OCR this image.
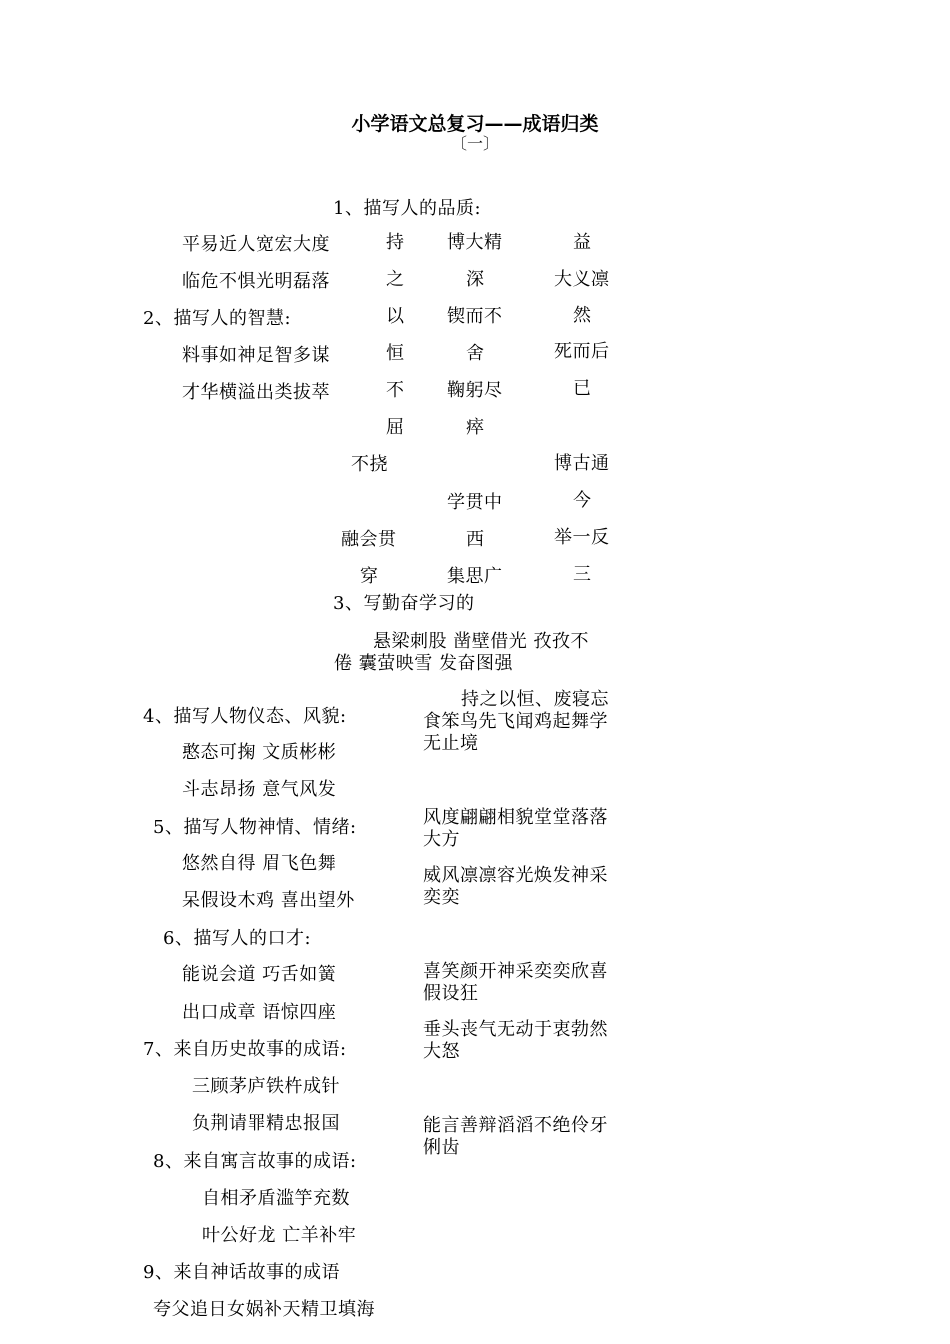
小学语文总复习——成语归类
〔一〕
1、描写人的品质:
平易近人宽宏大度
临危不惧光明磊落
2、描写人的智慧:
料事如神足智多谋
才华横溢出类拔萃
持
之
以
恒
不
屈
不挠
融会贯
穿
博大精
深
锲而不
舍
鞠躬尽
瘁
学贯中
西
集思广
益
大义凛
然
死而后
已
博古通
今
举一反
三
3、写勤奋学习的
悬梁刺股 凿壁借光 孜孜不
倦 囊萤映雪 发奋图强
4、描写人物仪态、风貌:
憨态可掬 文质彬彬
斗志昂扬 意气风发
5、描写人物神情、情绪:
悠然自得 眉飞色舞
呆假设木鸡 喜出望外
6、描写人的口才:
能说会道 巧舌如簧
出口成章 语惊四座
7、来自历史故事的成语:
三顾茅庐铁杵成针
负荆请罪精忠报国
8、来自寓言故事的成语:
自相矛盾滥竽充数
叶公好龙 亡羊补牢
9、来自神话故事的成语
夸父追日女娲补天精卫填海
持之以恒、废寝忘食笨鸟先飞闻鸡起舞学无止境
风度翩翩相貌堂堂落落大方
威风凛凛容光焕发神采奕奕
喜笑颜开神采奕奕欣喜假设狂
垂头丧气无动于衷勃然大怒
能言善辩滔滔不绝伶牙俐齿
